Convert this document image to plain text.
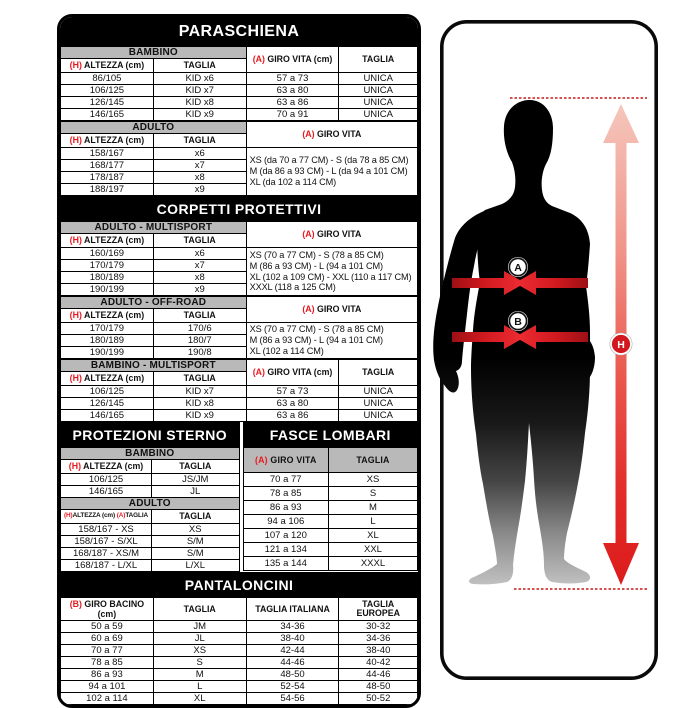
PARASCHIENA
BAMBINO		(A) GIRO VITA (cm)	TAGLIA
(H) ALTEZZA (cm)	TAGLIA		
86/105	KID x6	57 a 73	UNICA
106/125	KID x7	63 a 80	UNICA
126/145	KID x8	63 a 86	UNICA
146/165	KID x9	70 a 91	UNICA
ADULTO		(A) GIRO VITA
(H) ALTEZZA (cm)	TAGLIA	
158/167	x6	XS (da 70 a 77 CM) - S (da 78 a 85 CM)
M (da 86 a 93 CM) - L (da 94 a 101 CM)
XL (da 102 a 114 CM)

168/177	x7	
178/187	x8	
188/197	x9	
CORPETTI PROTETTIVI
ADULTO - MULTISPORT		(A) GIRO VITA
(H) ALTEZZA (cm)	TAGLIA	
160/169	x6	XS (70 a 77 CM) - S (78 a 85 CM)
M (86 a 93 CM) - L (94 a 101 CM)
XL (102 a 109 CM) - XXL (110 a 117 CM)
XXXL (118 a 125 CM)

170/179	x7	
180/189	x8	
190/199	x9	
ADULTO - OFF-ROAD		(A) GIRO VITA
(H) ALTEZZA (cm)	TAGLIA	
170/179	170/6	XS (70 a 77 CM) - S (78 a 85 CM)
M (86 a 93 CM) - L (94 a 101 CM)
XL (102 a 114 CM)

180/189	180/7	
190/199	190/8	
BAMBINO - MULTISPORT		(A) GIRO VITA (cm)	TAGLIA
(H) ALTEZZA (cm)	TAGLIA		
106/125	KID x7	57 a 73	UNICA
126/145	KID x8	63 a 80	UNICA
146/165	KID x9	63 a 86	UNICA
PROTEZIONI STERNO
BAMBINO	
(H) ALTEZZA (cm)	TAGLIA
106/125	JS/JM
146/165	JL
ADULTO	
(H)ALTEZZA (cm) (A)TAGLIA	TAGLIA
158/167 - XS	XS
158/167 - S/XL	S/M
168/187 - XS/M	S/M
168/187 - L/XL	L/XL
FASCE LOMBARI
(A) GIRO VITA	TAGLIA
70 a 77	XS
78 a 85	S
86 a 93	M
94 a 106	L
107 a 120	XL
121 a 134	XXL
135 a 144	XXXL
PANTALONCINI
(B) GIRO BACINO
(cm)	TAGLIA	TAGLIA ITALIANA	TAGLIA EUROPEA
50 a 59	JM	34-36	30-32
60 a 69	JL	38-40	34-36
70 a 77	XS	42-44	38-40
78 a 85	S	44-46	40-42
86 a 93	M	48-50	44-46
94 a 101	L	52-54	48-50
102 a 114	XL	54-56	50-52
A
B
H
